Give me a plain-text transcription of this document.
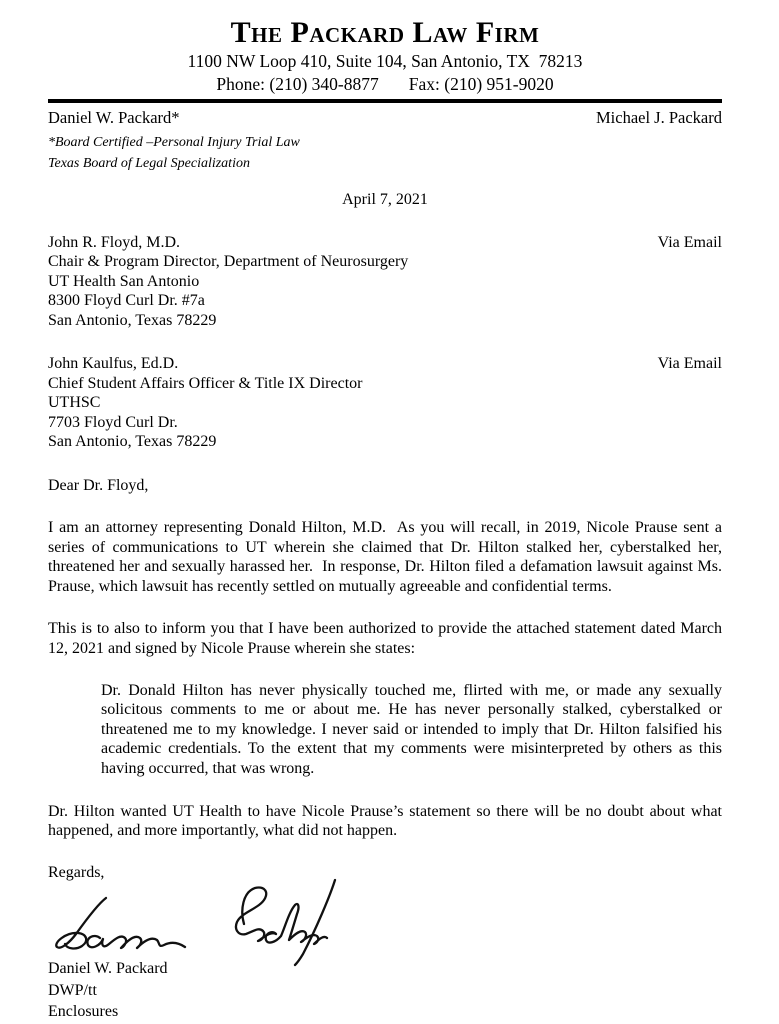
The Packard Law Firm
1100 NW Loop 410, Suite 104, San Antonio, TX  78213
Phone: (210) 340-8877 Fax: (210) 951-9020
Daniel W. Packard*	Michael J. Packard
*Board Certified –Personal Injury Trial Law
Texas Board of Legal Specialization
April 7, 2021
John R. Floyd, M.D.	Via Email
Chair & Program Director, Department of Neurosurgery
UT Health San Antonio
8300 Floyd Curl Dr. #7a
San Antonio, Texas 78229
John Kaulfus, Ed.D.	Via Email
Chief Student Affairs Officer & Title IX Director
UTHSC
7703 Floyd Curl Dr.
San Antonio, Texas 78229
Dear Dr. Floyd,
I am an attorney representing Donald Hilton, M.D.  As you will recall, in 2019, Nicole Prause sent a series of communications to UT wherein she claimed that Dr. Hilton stalked her, cyberstalked her, threatened her and sexually harassed her.  In response, Dr. Hilton filed a defamation lawsuit against Ms. Prause, which lawsuit has recently settled on mutually agreeable and confidential terms.
This is to also to inform you that I have been authorized to provide the attached statement dated March 12, 2021 and signed by Nicole Prause wherein she states:
Dr. Donald Hilton has never physically touched me, flirted with me, or made any sexually solicitous comments to me or about me. He has never personally stalked, cyberstalked or threatened me to my knowledge. I never said or intended to imply that Dr. Hilton falsified his academic credentials. To the extent that my comments were misinterpreted by others as this having occurred, that was wrong.
Dr. Hilton wanted UT Health to have Nicole Prause’s statement so there will be no doubt about what happened, and more importantly, what did not happen.
Regards,
Daniel W. Packard
DWP/tt
Enclosures
